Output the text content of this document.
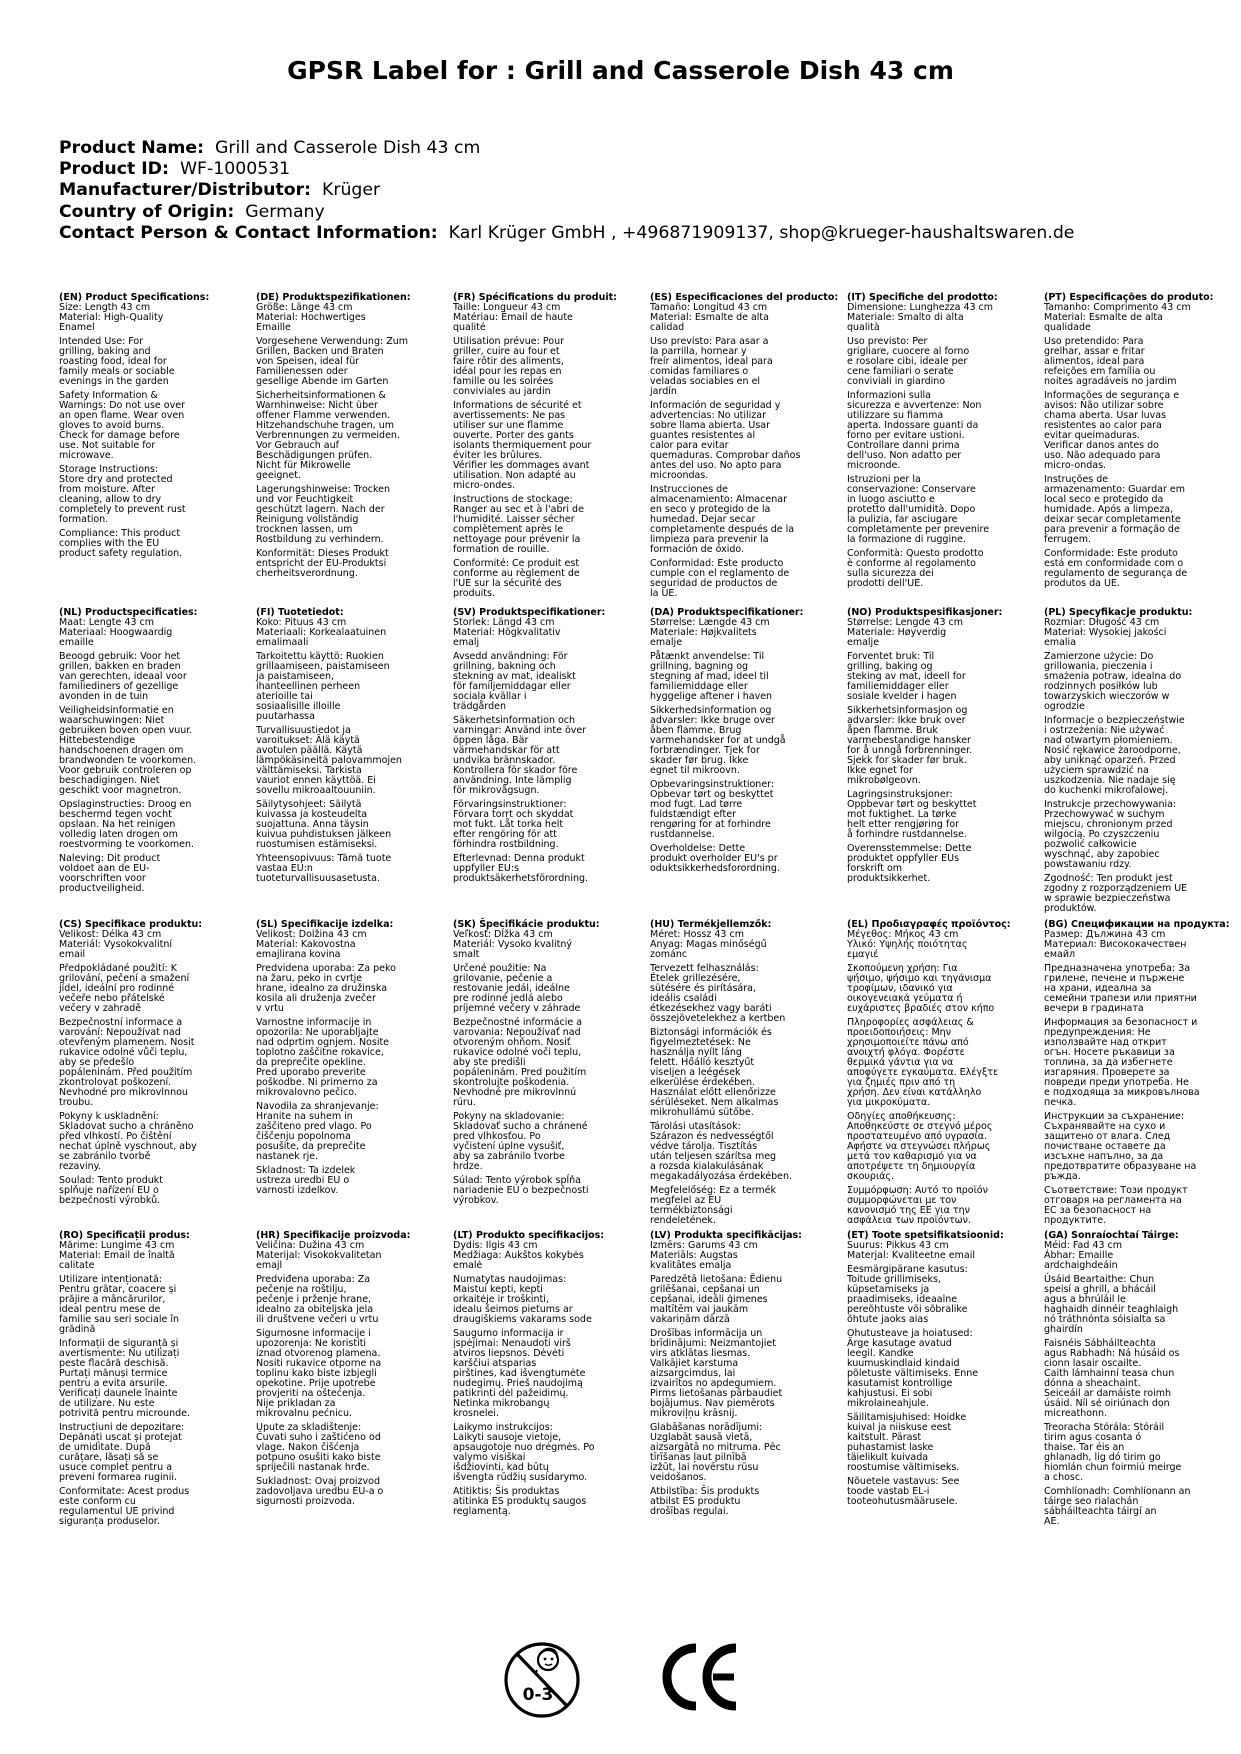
GPSR Label for : Grill and Casserole Dish 43 cm
Product Name: Grill and Casserole Dish 43 cm
Product ID: WF-1000531
Manufacturer/Distributor: Krüger
Country of Origin: Germany
Contact Person & Contact Information: Karl Krüger GmbH , +496871909137, shop@krueger-haushaltswaren.de
(EN) Product Specifications:
Size: Length 43 cm
Material: High-Quality
Enamel
Intended Use: For
grilling, baking and
roasting food, ideal for
family meals or sociable
evenings in the garden
Safety Information &
Warnings: Do not use over
an open flame. Wear oven
gloves to avoid burns.
Check for damage before
use. Not suitable for
microwave.
Storage Instructions:
Store dry and protected
from moisture. After
cleaning, allow to dry
completely to prevent rust
formation.
Compliance: This product
complies with the EU
product safety regulation.
(DE) Produktspezifikationen:
Größe: Länge 43 cm
Material: Hochwertiges
Emaille
Vorgesehene Verwendung: Zum
Grillen, Backen und Braten
von Speisen, ideal für
Familienessen oder
gesellige Abende im Garten
Sicherheitsinformationen &
Warnhinweise: Nicht über
offener Flamme verwenden.
Hitzehandschuhe tragen, um
Verbrennungen zu vermeiden.
Vor Gebrauch auf
Beschädigungen prüfen.
Nicht für Mikrowelle
geeignet.
Lagerungshinweise: Trocken
und vor Feuchtigkeit
geschützt lagern. Nach der
Reinigung vollständig
trocknen lassen, um
Rostbildung zu verhindern.
Konformität: Dieses Produkt
entspricht der EU-Produktsi
cherheitsverordnung.
(FR) Spécifications du produit:
Taille: Longueur 43 cm
Matériau: Émail de haute
qualité
Utilisation prévue: Pour
griller, cuire au four et
faire rôtir des aliments,
idéal pour les repas en
famille ou les soirées
conviviales au jardin
Informations de sécurité et
avertissements: Ne pas
utiliser sur une flamme
ouverte. Porter des gants
isolants thermiquement pour
éviter les brûlures.
Vérifier les dommages avant
utilisation. Non adapté au
micro-ondes.
Instructions de stockage:
Ranger au sec et à l'abri de
l'humidité. Laisser sécher
complètement après le
nettoyage pour prévenir la
formation de rouille.
Conformité: Ce produit est
conforme au règlement de
l'UE sur la sécurité des
produits.
(ES) Especificaciones del producto:
Tamaño: Longitud 43 cm
Material: Esmalte de alta
calidad
Uso previsto: Para asar a
la parrilla, hornear y
freír alimentos, ideal para
comidas familiares o
veladas sociables en el
jardín
Información de seguridad y
advertencias: No utilizar
sobre llama abierta. Usar
guantes resistentes al
calor para evitar
quemaduras. Comprobar daños
antes del uso. No apto para
microondas.
Instrucciones de
almacenamiento: Almacenar
en seco y protegido de la
humedad. Dejar secar
completamente después de la
limpieza para prevenir la
formación de óxido.
Conformidad: Este producto
cumple con el reglamento de
seguridad de productos de
la UE.
(IT) Specifiche del prodotto:
Dimensione: Lunghezza 43 cm
Materiale: Smalto di alta
qualità
Uso previsto: Per
grigliare, cuocere al forno
e rosolare cibi, ideale per
cene familiari o serate
conviviali in giardino
Informazioni sulla
sicurezza e avvertenze: Non
utilizzare su fiamma
aperta. Indossare guanti da
forno per evitare ustioni.
Controllare danni prima
dell'uso. Non adatto per
microonde.
Istruzioni per la
conservazione: Conservare
in luogo asciutto e
protetto dall'umidità. Dopo
la pulizia, far asciugare
completamente per prevenire
la formazione di ruggine.
Conformità: Questo prodotto
è conforme al regolamento
sulla sicurezza dei
prodotti dell'UE.
(PT) Especificações do produto:
Tamanho: Comprimento 43 cm
Material: Esmalte de alta
qualidade
Uso pretendido: Para
grelhar, assar e fritar
alimentos, ideal para
refeições em família ou
noites agradáveis no jardim
Informações de segurança e
avisos: Não utilizar sobre
chama aberta. Usar luvas
resistentes ao calor para
evitar queimaduras.
Verificar danos antes do
uso. Não adequado para
micro-ondas.
Instruções de
armazenamento: Guardar em
local seco e protegido da
humidade. Após a limpeza,
deixar secar completamente
para prevenir a formação de
ferrugem.
Conformidade: Este produto
está em conformidade com o
regulamento de segurança de
produtos da UE.
(NL) Productspecificaties:
Maat: Lengte 43 cm
Materiaal: Hoogwaardig
emaille
Beoogd gebruik: Voor het
grillen, bakken en braden
van gerechten, ideaal voor
familiediners of gezellige
avonden in de tuin
Veiligheidsinformatie en
waarschuwingen: Niet
gebruiken boven open vuur.
Hittebestendige
handschoenen dragen om
brandwonden te voorkomen.
Voor gebruik controleren op
beschadigingen. Niet
geschikt voor magnetron.
Opslaginstructies: Droog en
beschermd tegen vocht
opslaan. Na het reinigen
volledig laten drogen om
roestvorming te voorkomen.
Naleving: Dit product
voldoet aan de EU-
voorschriften voor
productveiligheid.
(FI) Tuotetiedot:
Koko: Pituus 43 cm
Materiaali: Korkealaatuinen
emalimaali
Tarkoitettu käyttö: Ruokien
grillaamiseen, paistamiseen
ja paistamiseen,
ihanteellinen perheen
aterioille tai
sosiaalisille illoille
puutarhassa
Turvallisuustiedot ja
varoitukset: Älä käytä
avotulen päällä. Käytä
lämpökäsineitä palovammojen
välttämiseksi. Tarkista
vauriot ennen käyttöä. Ei
sovellu mikroaaltouuniin.
Säilytysohjeet: Säilytä
kuivassa ja kosteudelta
suojattuna. Anna täysin
kuivua puhdistuksen jälkeen
ruostumisen estämiseksi.
Yhteensopivuus: Tämä tuote
vastaa EU:n
tuoteturvallisuusasetusta.
(SV) Produktspecifikationer:
Storlek: Längd 43 cm
Material: Högkvalitativ
emalj
Avsedd användning: För
grillning, bakning och
stekning av mat, idealiskt
för familjemiddagar eller
sociala kvällar i
trädgården
Säkerhetsinformation och
varningar: Använd inte över
öppen låga. Bär
värmehandskar för att
undvika brännskador.
Kontrollera för skador före
användning. Inte lämplig
för mikrovågsugn.
Förvaringsinstruktioner:
Förvara torrt och skyddat
mot fukt. Låt torka helt
efter rengöring för att
förhindra rostbildning.
Efterlevnad: Denna produkt
uppfyller EU:s
produktsäkerhetsförordning.
(DA) Produktspecifikationer:
Størrelse: Længde 43 cm
Materiale: Højkvalitets
emalje
Påtænkt anvendelse: Til
grillning, bagning og
stegning af mad, ideel til
familiemiddage eller
hyggelige aftener i haven
Sikkerhedsinformation og
advarsler: Ikke bruge over
åben flamme. Brug
varmehandsker for at undgå
forbrændinger. Tjek for
skader før brug. Ikke
egnet til mikroovn.
Opbevaringsinstruktioner:
Opbevar tørt og beskyttet
mod fugt. Lad tørre
fuldstændigt efter
rengøring for at forhindre
rustdannelse.
Overholdelse: Dette
produkt overholder EU's pr
oduktsikkerhedsforordning.
(NO) Produktspesifikasjoner:
Størrelse: Lengde 43 cm
Materiale: Høyverdig
emalje
Forventet bruk: Til
grilling, baking og
steking av mat, ideell for
familiemiddager eller
sosiale kvelder i hagen
Sikkerhetsinformasjon og
advarsler: Ikke bruk over
åpen flamme. Bruk
varmebestandige hansker
for å unngå forbrenninger.
Sjekk for skader før bruk.
Ikke egnet for
mikrobølgeovn.
Lagringsinstruksjoner:
Oppbevar tørt og beskyttet
mot fuktighet. La tørke
helt etter rengjøring for
å forhindre rustdannelse.
Overensstemmelse: Dette
produktet oppfyller EUs
forskrift om
produktsikkerhet.
(PL) Specyfikacje produktu:
Rozmiar: Długość 43 cm
Materiał: Wysokiej jakości
emalia
Zamierzone użycie: Do
grillowania, pieczenia i
smażenia potraw, idealna do
rodzinnych posiłków lub
towarzyskich wieczorów w
ogrodzie
Informacje o bezpieczeństwie
i ostrzeżenia: Nie używać
nad otwartym płomieniem.
Nosić rękawice żaroodporne,
aby uniknąć oparzeń. Przed
użyciem sprawdzić na
uszkodzenia. Nie nadaje się
do kuchenki mikrofalowej.
Instrukcje przechowywania:
Przechowywać w suchym
miejscu, chronionym przed
wilgocią. Po czyszczeniu
pozwolić całkowicie
wyschnąć, aby zapobiec
powstawaniu rdzy.
Zgodność: Ten produkt jest
zgodny z rozporządzeniem UE
w sprawie bezpieczeństwa
produktów.
(CS) Specifikace produktu:
Velikost: Délka 43 cm
Materiál: Vysokokvalitní
email
Předpokládané použití: K
grilování, pečení a smažení
jídel, ideální pro rodinné
večeře nebo přátelské
večery v zahradě
Bezpečnostní informace a
varování: Nepoužívat nad
otevřeným plamenem. Nosit
rukavice odolné vůči teplu,
aby se předešlo
popáleninám. Před použitím
zkontrolovat poškození.
Nevhodné pro mikrovlnnou
troubu.
Pokyny k uskladnění:
Skladovat sucho a chráněno
před vlhkostí. Po čištění
nechat úplně vyschnout, aby
se zabránilo tvorbě
rezaviny.
Soulad: Tento produkt
splňuje nařízení EU o
bezpečnosti výrobků.
(SL) Specifikacije izdelka:
Velikost: Dolžina 43 cm
Material: Kakovostna
emajlirana kovina
Predvidena uporaba: Za peko
na žaru, peko in cvrtje
hrane, idealno za družinska
kosila ali druženja zvečer
v vrtu
Varnostne informacije in
opozorila: Ne uporabljajte
nad odprtim ognjem. Nosite
toplotno zaščitne rokavice,
da preprečite opekline.
Pred uporabo preverite
poškodbe. Ni primerno za
mikrovalovno pečico.
Navodila za shranjevanje:
Hranite na suhem in
zaščiteno pred vlago. Po
čiščenju popolnoma
posušite, da preprečite
nastanek rje.
Skladnost: Ta izdelek
ustreza uredbi EU o
varnosti izdelkov.
(SK) Špecifikácie produktu:
Veľkosť: Dĺžka 43 cm
Materiál: Vysoko kvalitný
smalt
Určené použitie: Na
grilovanie, pečenie a
restovanie jedál, ideálne
pre rodinné jedlá alebo
príjemné večery v záhrade
Bezpečnostné informácie a
varovania: Nepoužívať nad
otvoreným ohňom. Nosiť
rukavice odolné voči teplu,
aby ste predišli
popáleninám. Pred použitím
skontrolujte poškodenia.
Nevhodné pre mikrovlnnú
rúru.
Pokyny na skladovanie:
Skladovať sucho a chránené
pred vlhkosťou. Po
vyčistení úplne vysušiť,
aby sa zabránilo tvorbe
hrdze.
Súlad: Tento výrobok spĺňa
nariadenie EÚ o bezpečnosti
výrobkov.
(HU) Termékjellemzők:
Méret: Hossz 43 cm
Anyag: Magas minőségű
zománc
Tervezett felhasználás:
Ételek grillezésére,
sütésére és pirítására,
ideális családi
étkezésekhez vagy baráti
összejövetelekhez a kertben
Biztonsági információk és
figyelmeztetések: Ne
használja nyílt láng
felett. Hőálló kesztyűt
viseljen a leégések
elkerülése érdekében.
Használat előtt ellenőrizze
sérüléseket. Nem alkalmas
mikrohullámú sütőbe.
Tárolási utasítások:
Szárazon és nedvességtől
védve tárolja. Tisztítás
után teljesen szárítsa meg
a rozsda kialakulásának
megakadályozása érdekében.
Megfelelőség: Ez a termék
megfelel az EU
termékbiztonsági
rendeletének.
(EL) Προδιαγραφές προϊόντος:
Μέγεθος: Μήκος 43 cm
Υλικό: Υψηλής ποιότητας
εμαγιέ
Σκοπούμενη χρήση: Για
ψήσιμο, ψήσιμο και τηγάνισμα
τροφίμων, ιδανικό για
οικογενειακά γεύματα ή
ευχάριστες βραδιές στον κήπο
Πληροφορίες ασφάλειας &
προειδοποιήσεις: Μην
χρησιμοποιείτε πάνω από
ανοιχτή φλόγα. Φορέστε
θερμικά γάντια για να
αποφύγετε εγκαύματα. Ελέγξτε
για ζημιές πριν από τη
χρήση. Δεν είναι κατάλληλο
για μικροκύματα.
Οδηγίες αποθήκευσης:
Αποθηκεύστε σε στεγνό μέρος
προστατευμένο από υγρασία.
Αφήστε να στεγνώσει πλήρως
μετά τον καθαρισμό για να
αποτρέψετε τη δημιουργία
σκουριάς.
Συμμόρφωση: Αυτό το προϊόν
συμμορφώνεται με τον
κανονισμό της ΕΕ για την
ασφάλεια των προϊόντων.
(BG) Спецификации на продукта:
Размер: Дължина 43 cm
Материал: Висококачествен
емайл
Предназначена употреба: За
грилене, печене и пържене
на храни, идеална за
семейни трапези или приятни
вечери в градината
Информация за безопасност и
предупреждения: Не
използвайте над открит
огън. Носете ръкавици за
топлина, за да избегнете
изгаряния. Проверете за
повреди преди употреба. Не
е подходяща за микровълнова
печка.
Инструкции за съхранение:
Съхранявайте на сухо и
защитено от влага. След
почистване оставете да
изсъхне напълно, за да
предотвратите образуване на
ръжда.
Съответствие: Този продукт
отговаря на регламента на
ЕС за безопасност на
продуктите.
(RO) Specificații produs:
Mărime: Lungime 43 cm
Material: Email de înaltă
calitate
Utilizare intenționată:
Pentru grătar, coacere și
prăjire a mâncărurilor,
ideal pentru mese de
familie sau seri sociale în
grădină
Informații de siguranță și
avertismente: Nu utilizați
peste flacără deschisă.
Purtați mănuși termice
pentru a evita arsurile.
Verificați daunele înainte
de utilizare. Nu este
potrivită pentru microunde.
Instrucțiuni de depozitare:
Depănați uscat și protejat
de umiditate. După
curățare, lăsați să se
usuce complet pentru a
preveni formarea ruginii.
Conformitate: Acest produs
este conform cu
regulamentul UE privind
siguranța produselor.
(HR) Specifikacije proizvoda:
Veličina: Dužina 43 cm
Materijal: Visokokvalitetan
emajl
Predviđena uporaba: Za
pečenje na roštilju,
pečenje i prženje hrane,
idealno za obiteljska jela
ili društvene večeri u vrtu
Sigurnosne informacije i
upozorenja: Ne koristiti
iznad otvorenog plamena.
Nositi rukavice otporne na
toplinu kako biste izbjegli
opekotine. Prije upotrebe
provjeriti na oštećenja.
Nije prikladan za
mikrovalnu pećnicu.
Upute za skladištenje:
Čuvati suho i zaštićeno od
vlage. Nakon čišćenja
potpuno osušiti kako biste
spriječili nastanak hrđe.
Sukladnost: Ovaj proizvod
zadovoljava uredbu EU-a o
sigurnosti proizvoda.
(LT) Produkto specifikacijos:
Dydis: Ilgis 43 cm
Medžiaga: Aukštos kokybės
emalė
Numatytas naudojimas:
Maistui kepti, kepti
orkaitėje ir troškinti,
idealu šeimos pietums ar
draugiškiems vakarams sode
Saugumo informacija ir
įspėjimai: Nenaudoti virš
atviros liepsnos. Dėvėti
karščiui atsparias
pirštines, kad išvengtumėte
nudegimų. Prieš naudojimą
patikrinti dėl pažeidimų.
Netinka mikrobangų
krosnelei.
Laikymo instrukcijos:
Laikyti sausoje vietoje,
apsaugotoje nuo drėgmės. Po
valymo visiškai
išdžiovinti, kad būtų
išvengta rūdžių susidarymo.
Atitiktis: Šis produktas
atitinka ES produktų saugos
reglamentą.
(LV) Produkta specifikācijas:
Izmērs: Garums 43 cm
Materiāls: Augstas
kvalitātes emalja
Paredzētā lietošana: Ēdienu
grilēšanai, cepšanai un
cepšanai, ideāli ģimenes
maltītēm vai jaukām
vakariņām dārzā
Drošības informācija un
brīdinājumi: Neizmantojiet
virs atklātas liesmas.
Valkājiet karstuma
aizsargcimdus, lai
izvairītos no apdegumiem.
Pirms lietošanas pārbaudiet
bojājumus. Nav piemērots
mikroviļņu krāsnij.
Glabāšanas norādījumi:
Uzglabāt sausā vietā,
aizsargātā no mitruma. Pēc
tīrīšanas ļaut pilnībā
izžūt, lai novērstu rūsu
veidošanos.
Atbilstība: Šis produkts
atbilst ES produktu
drošības regulai.
(ET) Toote spetsifikatsioonid:
Suurus: Pikkus 43 cm
Materjal: Kvaliteetne email
Eesmärgipärane kasutus:
Toitude grillimiseks,
küpsetamiseks ja
praadimiseks, ideaalne
pereõhtuste või sõbralike
õhtute jaoks aias
Ohutusteave ja hoiatused:
Ärge kasutage avatud
leegil. Kandke
kuumuskindlaid kindaid
põletuste vältimiseks. Enne
kasutamist kontrollige
kahjustusi. Ei sobi
mikrolaineahjule.
Säilitamisjuhised: Hoidke
kuival ja niiskuse eest
kaitstult. Pärast
puhastamist laske
täielikult kuivada
roostumise vältimiseks.
Nõuetele vastavus: See
toode vastab EL-i
tooteohutusmäärusele.
(GA) Sonraíochtaí Táirge:
Méid: Fad 43 cm
Ábhar: Emaille
ardchaighdeáin
Úsáid Beartaithe: Chun
speisí a ghrill, a bhácáil
agus a bhrúláil le
haghaidh dinnéir teaghlaigh
nó tráthnónta sóisialta sa
ghairdín
Faisnéis Sábháilteachta
agus Rabhadh: Ná húsáid os
cionn lasair oscailte.
Caith lámhainní teasa chun
dónna a sheachaint.
Seiceáil ar damáiste roimh
úsáid. Níl sé oiriúnach don
micreathonn.
Treoracha Stórála: Stóráil
tirim agus cosanta ó
thaise. Tar éis an
ghlanadh, lig dó tirim go
hiomlán chun foirmiú meirge
a chosc.
Comhlíonadh: Comhlíonann an
táirge seo rialachán
sábháilteachta táirgí an
AE.
0-3
